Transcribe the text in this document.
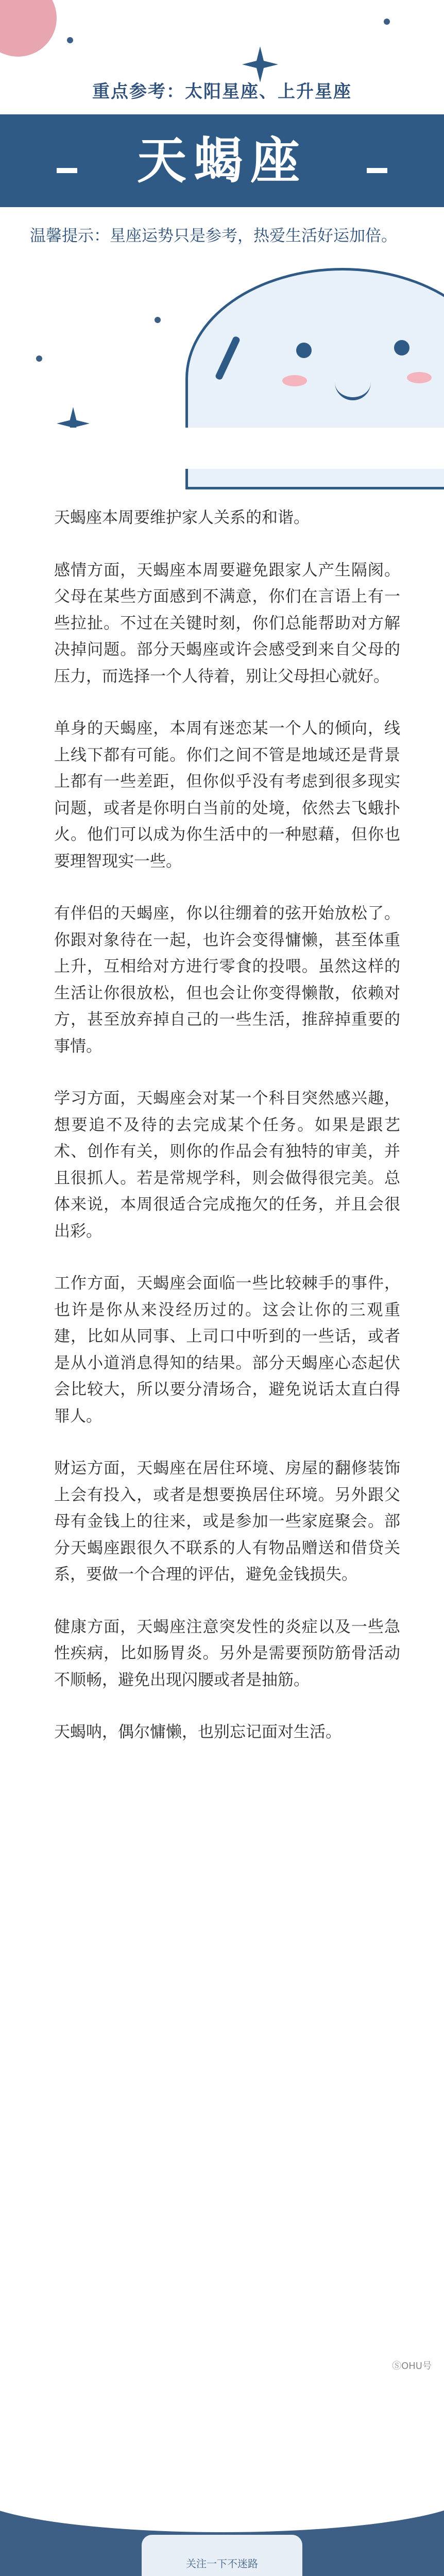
重点参考：太阳星座、上升星座
天蝎座
温馨提示：星座运势只是参考，热爱生活好运加倍。

天蝎座本周要维护家人关系的和谐。

感情方面，天蝎座本周要避免跟家人产生隔阂。父母在某些方面感到不满意，你们在言语上有一些拉扯。不过在关键时刻，你们总能帮助对方解决掉问题。部分天蝎座或许会感受到来自父母的压力，而选择一个人待着，别让父母担心就好。

单身的天蝎座，本周有迷恋某一个人的倾向，线上线下都有可能。你们之间不管是地域还是背景上都有一些差距，但你似乎没有考虑到很多现实问题，或者是你明白当前的处境，依然去飞蛾扑火。他们可以成为你生活中的一种慰藉，但你也要理智现实一些。

有伴侣的天蝎座，你以往绷着的弦开始放松了。你跟对象待在一起，也许会变得慵懒，甚至体重上升，互相给对方进行零食的投喂。虽然这样的生活让你很放松，但也会让你变得懒散，依赖对方，甚至放弃掉自己的一些生活，推辞掉重要的事情。

学习方面，天蝎座会对某一个科目突然感兴趣，想要追不及待的去完成某个任务。如果是跟艺术、创作有关，则你的作品会有独特的审美，并且很抓人。若是常规学科，则会做得很完美。总体来说，本周很适合完成拖欠的任务，并且会很出彩。

工作方面，天蝎座会面临一些比较棘手的事件，也许是你从来没经历过的。这会让你的三观重建，比如从同事、上司口中听到的一些话，或者是从小道消息得知的结果。部分天蝎座心态起伏会比较大，所以要分清场合，避免说话太直白得罪人。

财运方面，天蝎座在居住环境、房屋的翻修装饰上会有投入，或者是想要换居住环境。另外跟父母有金钱上的往来，或是参加一些家庭聚会。部分天蝎座跟很久不联系的人有物品赠送和借贷关系，要做一个合理的评估，避免金钱损失。

健康方面，天蝎座注意突发性的炎症以及一些急性疾病，比如肠胃炎。另外是需要预防筋骨活动不顺畅，避免出现闪腰或者是抽筋。

天蝎呐，偶尔慵懒，也别忘记面对生活。

ⓈOHU号
关注一下不迷路
